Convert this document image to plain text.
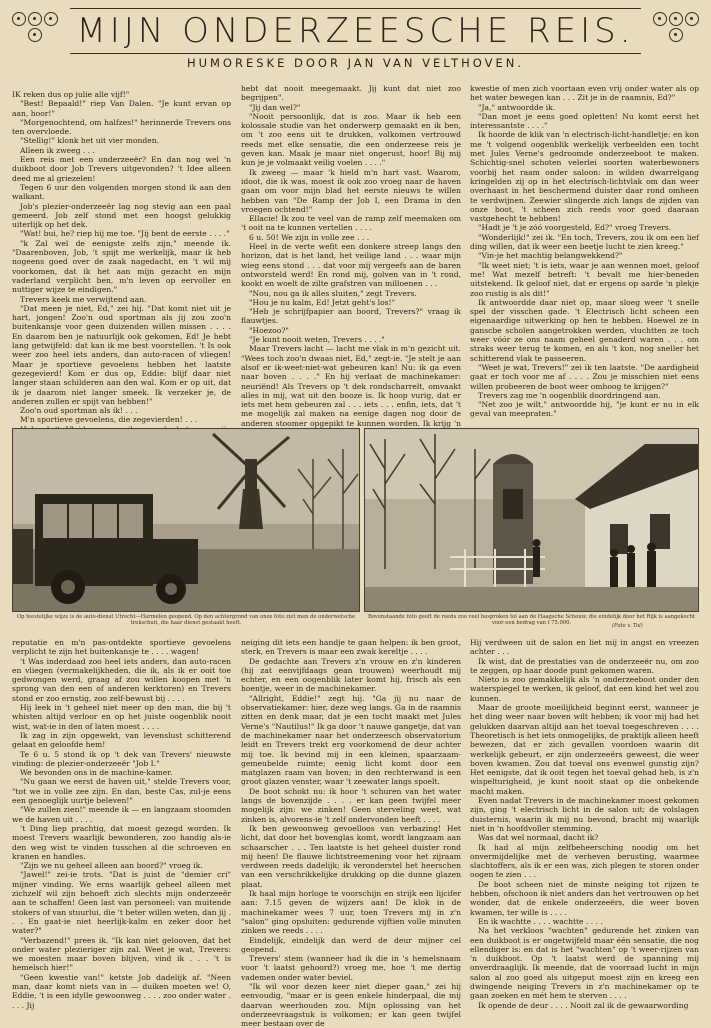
MIJN ONDERZEESCHE REIS.
HUMORESKE DOOR JAN VAN VELTHOVEN.

IK reken dus op julie alle vijf!"

"Best! Bepaald!" riep Van Dalen. "Je kunt ervan op aan, hoor!"

"Morgenochtend, om halfzes!" herinnerde Trevers ons ten overvloede.

"Stellig!" klonk het uit vier monden.

Alleen ik zweeg . . .

Een reis met een onderzeeër? En dan nog wel 'n duikboot door Job Trevers uitgevonden? 't Idee alleen deed me al griezelen!

Tegen 6 uur den volgenden morgen stond ik aan den walkant.

Job's plezier-onderzeeër lag nog stevig aan een paal gemeerd. Job zelf stond met een hoogst gelukkig uiterlijk op het dek.

"Wat! bui, he? riep hij me toe. "Jij bent de eerste . . . ."

"k Zal wel de eenigste zelfs zijn," meende ik. "Daarenboven, Job, 't spijt me werkelijk, maar ik heb nogeens goed over de zaak nagedacht, en 't wil mij voorkomen, dat ik het aan mijn gezacht en mijn vaderland verplicht ben, m'n leven op eervoller en nuttiger wijze te eindigen."

Trevers keek me verwijtend aan.

"Dat meen je niet, Ed," zei hij. "Dat komt niet uit je hart, jongen! Zoo'n oud sportman als jij zou zoo'n buitenkansje voor geen duizenden willen missen . . . . En daarom ben je natuurlijk ook gekomen, Ed! Je hebt lang getwijfeld: dat kan ik me best voorstellen. 't Is ook weer zoo heel iets anders, dan auto-racen of vliegen! Maar je sportieve gevoelens hebben het laatste gezegevierd! Kom er dus op, Eddie: blijf daar niet langer staan schilderen aan den wal. Kom er op uit, dat ik je daarom niet langer smeek. Ik verzeker je, de anderen zullen er spijt van hebben!"

Zoo'n oud sportman als ik! . . .

M'n sportieve gevoelens, die zegevierden! . . .

hebt dat nooit meegemaakt. Jij kunt dat niet zoo begrijpen".

"Jij dan wel?"

"Nooit persoonlijk, dat is zoo. Maar ik heb een kolossale studie van het onderwerp gemaakt en ik ben, om 't zoo eens uit te drukken, volkomen vertrouwd reeds met elke sensatie, die een onderzeese reis je geven kan. Maak je maar niet ongerust, hoor! Bij mij kun je je volmaakt veilig voelen . . . ."

Ik zweeg — maar 'k hield m'n hart vast. Waarom, idoot, die ik was, moest ik ook zoo vroeg naar de haven gaan om voor mijn blad het eerste nieuws te willen hebben van "De Ramp der Job I, een Drama in den vroegen ochtend!"

Ellacie! Ik zou te veel van de ramp zelf meemaken om 't ooit na te kunnen vertellen . . . .

6 u. 50! We zijn in volle zee . . .

Heel in de verte wefit een donkere streep langs den horizon, dat is het land, het veilige land . . . waar mijn wieg eens stond . . . dat voor mij vergeefs aan de baren ontworsteld werd! En rond mij, golven van in 't rond, kookt en woelt de zilte grafstren van milloenen . . .

"Nou, nou ga ik alles sluiten," zegt Trevers.

"Hou je nu kalm, Ed! Jetzt geht's los!"

"Heb je schrijfpapier aan boord, Trevers?" vraag ik flauwtjes.

"Hoezoo?"

"Je kunt nooit weten, Trevers . . . ."

Maar Trevers lacht — lacht me vlak in m'n gezicht uit. "Wees toch zoo'n dwaas niet, Ed," zegt-ie. "Je stelt je aan alsof er ik-weet-niet-wat gebeuren kan! Nu: ik ga even naar boven . . . ." En hij verlaat de machinekamer: neuriënd! Als Trevers op 't dek rondscharrelt, omvaakt alles in mij, wat uit den booze is. Ik hoop vurig, dat er iets met hem gebeuren zal . . . iets . . . enfin, iets, dat 't me mogelijk zal maken na eenige dagen nog door de anderen stoomer opgepikt te kunnen worden. Ik krijg 'n

kwestie of men zich voortaan even vrij onder water als op het water bewegen kan . . . Zit je in de raamnis, Ed?"

"Ja," antwoordde ik.

"Dan moet je eens goed opletten! Nu komt eerst het interessantste . . . ."

Ik hoorde de klik van 'n electrisch-licht-handletje: en kon me 't volgend oogenblik werkelijk verbeelden een tocht met Jules Verne's gedroomde onderzeeboot te maken. Schichtig-snel schoten velerlei soorten waterbewoners voorbij het raam onder saloon: in wilden dwarrelgang kringelden zij op in het electrisch-lichtvlak om dan weer overhaast in het beschermend duister daar rond omheen te verdwijnen. Zeewier slingerde zich langs de zijden van onze boot, 't scheen zich reeds voor goed daaraan vastgehecht te hebben!

"Hadt je 't je zóó voorgesteld, Ed?" vroeg Trevers.

"Wonderlijk!" zei ik. "En toch, Trevers, zou ik om een lief ding willen, dat ik weer een beetje lucht te zien kreeg."

"Vin-je het machtig belangwekkend?"

"Ik weet niet; 't is iets, waar je aan wennen moet, geloof me! Wat mezelf betreft: 't bevalt me hier-beneden uitstekend. Ik geloof niet, dat er ergens op aarde 'n plekje zoo rustig is als dit!"

Ik antwoordde daar niet op, maar sloeg weer 't snelle spel der visschen gade. 't Electrisch licht scheen een eigenaardige uitwerking op hen te hebben. Hoewel ze in ganscbe scholen aangetrokken werden, vluchtten ze toch weer vóór ze ons naam geheel genaderd waren . . . om straks weer terug te komen, en als 't kon, nog sneller het schitterend vlak te passeeren.

"Weet je wat, Trevers!" zei ik ten laatste. "De aardigheid gaat er toch voor me af . . . . Zou je misschien niet eens willen probeeren de boot weer omhoog te krijgen?"

Trevers zag me 'n oogenblik doordringend aan.

"Net zoo je wilt," antwoordde hij, "je kunt er nu in elk geval van meepraten."

Op feestelijke wijze is de auto-dienst Utrecht—Harmelen geopend. Op den achtergrond van onze foto ziet men de onderwetsche trekschuit, die haar dienst gestaakt heeft.
Bovenstaande foto geeft de reeds zoo veel besproken tol aan de Haagsche Schouw, die eindelijk door het Rijk is aangekocht voor een bedrag van f 75.000.	(Foto v. Tol)

reputatie en m'n pas-ontdekte sportieve gevoelens verplicht te zijn het buitenkansje te . . . . wagen!

't Was inderdaad zoo heel iets anders, dan auto-racen en vliegen (vermakelijkheden, die ik, als ik er ooit toe gedwongen werd, graag af zou willen koopen met 'n sprong van den een of anderen kerktoren) en Trevers stond er zoo ernstig, zoo zelf-bewust bij . . . .

Hij leek in 't geheel niet meer op den man, die bij 't whisten altijd verloor en op het juiste oogenblik nooit wist, wat-ie in den of laten moest . . . .

Ik zag in zijn opgewekt, van levenslust schitterend gelaat en geloofde hem!

Te 6 u. 5 stond ik op 't dek van Trevers' nieuwste vinding: de plezier-onderzeeër "Job I."

We bevonden ons in de machine-kamer.

"Nu gaan we eerst de haven uit," stelde Trevers voor, "tot we in volle zee zijn. En dan, beste Cas, zul-je eens een genoeglijk uurtje beleven!"

"We zullen zien!" meende ik — en langzaam stoomden we de haven uit . . . .

't Ding liep prachtig, dat moest gezegd worden. Ik moest Trevers waarlijk bewonderen, zoo handig als-ie den weg wist te vinden tusschen al die schroeven en kranen en handles.

"Zijn we nu geheel alleen aan boord?" vroeg ik.

"Jawel!" zei-ie trots. "Dat is juist de "demier cri" mijner vinding. We erns waarlijk geheel alleen met zichzelf wil zijn behoeft zich slechts mijn onderzeeër aan te schaffen! Geen last van personeel: van muitende stokers of van stuurlui, die 't beter willen weten, dan jij . . . En gaat-ie niet heerlijk-kalm en zeker door het water?"

"Verbazend!" prees ik. "Ik kan niet gelooven, dat het onder water plezieriger zijn zal. Weet je wat, Trevers: we moesten maar boven blijven, vind ik . . . 't is hemelsch hier!"

"Geen kwestie van!" ketste Job dadelijk af. "Neen man, daar komt niets van in — duiken moeten we! O, Eddie, 't is een idylle gewoonweg . . . . zoo onder water . . . . Jij

neiging dit iets een handje te gaan helpen: ik ben groot, sterk, en Trevers is maar een zwak kereltje . . . .

De gedachte aan Trevers z'n vrouw en z'n kinderen (hij zat eenvijfdaags gean trouwen) weerhoudt mij echter, en een oogenblik later komt hij, frisch als een hoentje, weer in de machinekamer.

"Allright, Eddie!" zegt hij. "Ga jij nu naar de observatiekamer: hier, deze weg langs. Ga in de raamnis zitten en denk maar, dat je een tocht maakt met Jules Verne's "Nautilus!" Ik ga door 't nauwe gangetje, dat van de machinekamer naar het onderzeesch observatorium leidt en Trevers trekt erg voorkomend de deur achter mij toe. Ik bevind mij in een kleinen, spaarzaam-gemeubelde ruimte; eenig licht komt door een matglazen raam van boven; in den rechterwand is een groot glazen venster, waar 't zeewater langs spoelt.

De boot schokt nu: ik hoor 't schuren van het water langs de bovenzijde . . . . er kan geen twijfel meer mogelijk zijn: we zinken! Geen sterveling weet, wat zinken is, alvorens-ie 't zelf ondervonden heeft . . . .

Ik ben gewoonweg gevoelloos van verbazing! Het licht, dat door het bovenglas komt, wordt langzaam aan schaarscher . . . Ten laatste is het geheel duister rond mij heen! De flauwe lichtstreemening voor het zijraam verdween reeds dadelijk; ik veronderstel het heerschen van een verschrikkelijke drukking op die dunne glazen plaat.

Ik haal mijn horloge te voorschijn en strijk een lijcifer aan: 7.15 geven de wijzers aan! De klok in de machinekamer wees 7 uur, toen Trevers mij in z'n "salon" ging opsluiten: gedurende vijftien volle minuten zinken we reeds . . . .

Eindelijk, eindelijk dan werd de deur mijner cel geopend.

Trevers' stem (wanneer had ik die in 's hemelsnaam voor 't laatst gehoord?) vroeg me, hoe 't me dertig vademen onder water beviel.

"Ik wil voor dezen keer niet dieper gaan," zei hij eenvoudig, "maar er is geen enkele hinderpaal, die mij daarvan weerhouden zou. Mijn oplossing van het onderzeevraagstuk is volkomen; er kan geen twijfel meer bestaan over de

Hij verdween uit de salon en liet mij in angst en vreezen achter . . .

Ik wist, dat de prestaties van de onderzeeër nu, om zoo te zeggen, op haar doode punt gekomen waren.

Nieto is zoo gemakkelijk als 'n onderzeeboot onder den waterspiegel te werken, ik geloof, dat een kind het wel zou kunnen.

Maar de groote moeilijkheid beginnt eerst, wanneer je het ding weer naar boven wilt hebben; ik voor mij had het gelukken daarvan altijd aan het toeval toegeschreven . . . . Theoretisch is het iets onmogelijks, de praktijk alleen heeft bewezen, dat er zich gevallen voordoen waarin dit werkelijk gebeurt, er zijn onderzeeërs geweest, die weer boven kwamen. Zou dat toeval ons evenwel gunstig zijn? Het eenigste, dat ik ooit tegen het toeval gehad heb, is z'n wispelturigheid, je kunt nooit staat op die onbekende macht maken.

Even nadat Trevers in de machinekamer moest gekomen zijn, ging 't electrisch licht in de salon uit; de volslagen duisternis, waarin ik mij nu bevond, bracht mij waarlijk niet in 'n hoofdvoller stemming.

Was dat wel normaal, dacht ik?

Ik had al mijn zelfbeheersching noodig om het onvermijdelijke met de verheven berusting, waarmee slachtoffers, als ik er een was, zich plegen te storen onder oogen te zien . . .

De boot scheen niet de minste neiging tot rijzen te hebben, ofschoon ik niet anders dan het vertrouwen op het wonder, dat de enkele onderzeeërs, die weer boven kwamen, ter wille is . . . .

En ik wachtte . . . . wachtte . . . .

Na het verkloos "wachten" gedurende het zinken van een duikboot is er ongetwijfeld maar één sensatie, die nog ellendiger is: en dat is het "wachten" op 't weer-rijzen van 'n duikboot. Op 't laatst werd de spanning mij onverdraaglijk. Ik meende, dat de voorraad lucht in mijn salon al zoo goed als uitgeput moest zijn en kreeg een dwingende neiging Trevers in z'n machinekamer op te gaan zoeken en mét hem te sterven . . . .

Ik opende de deur . . . . Nooit zal ik de gewaarwording
